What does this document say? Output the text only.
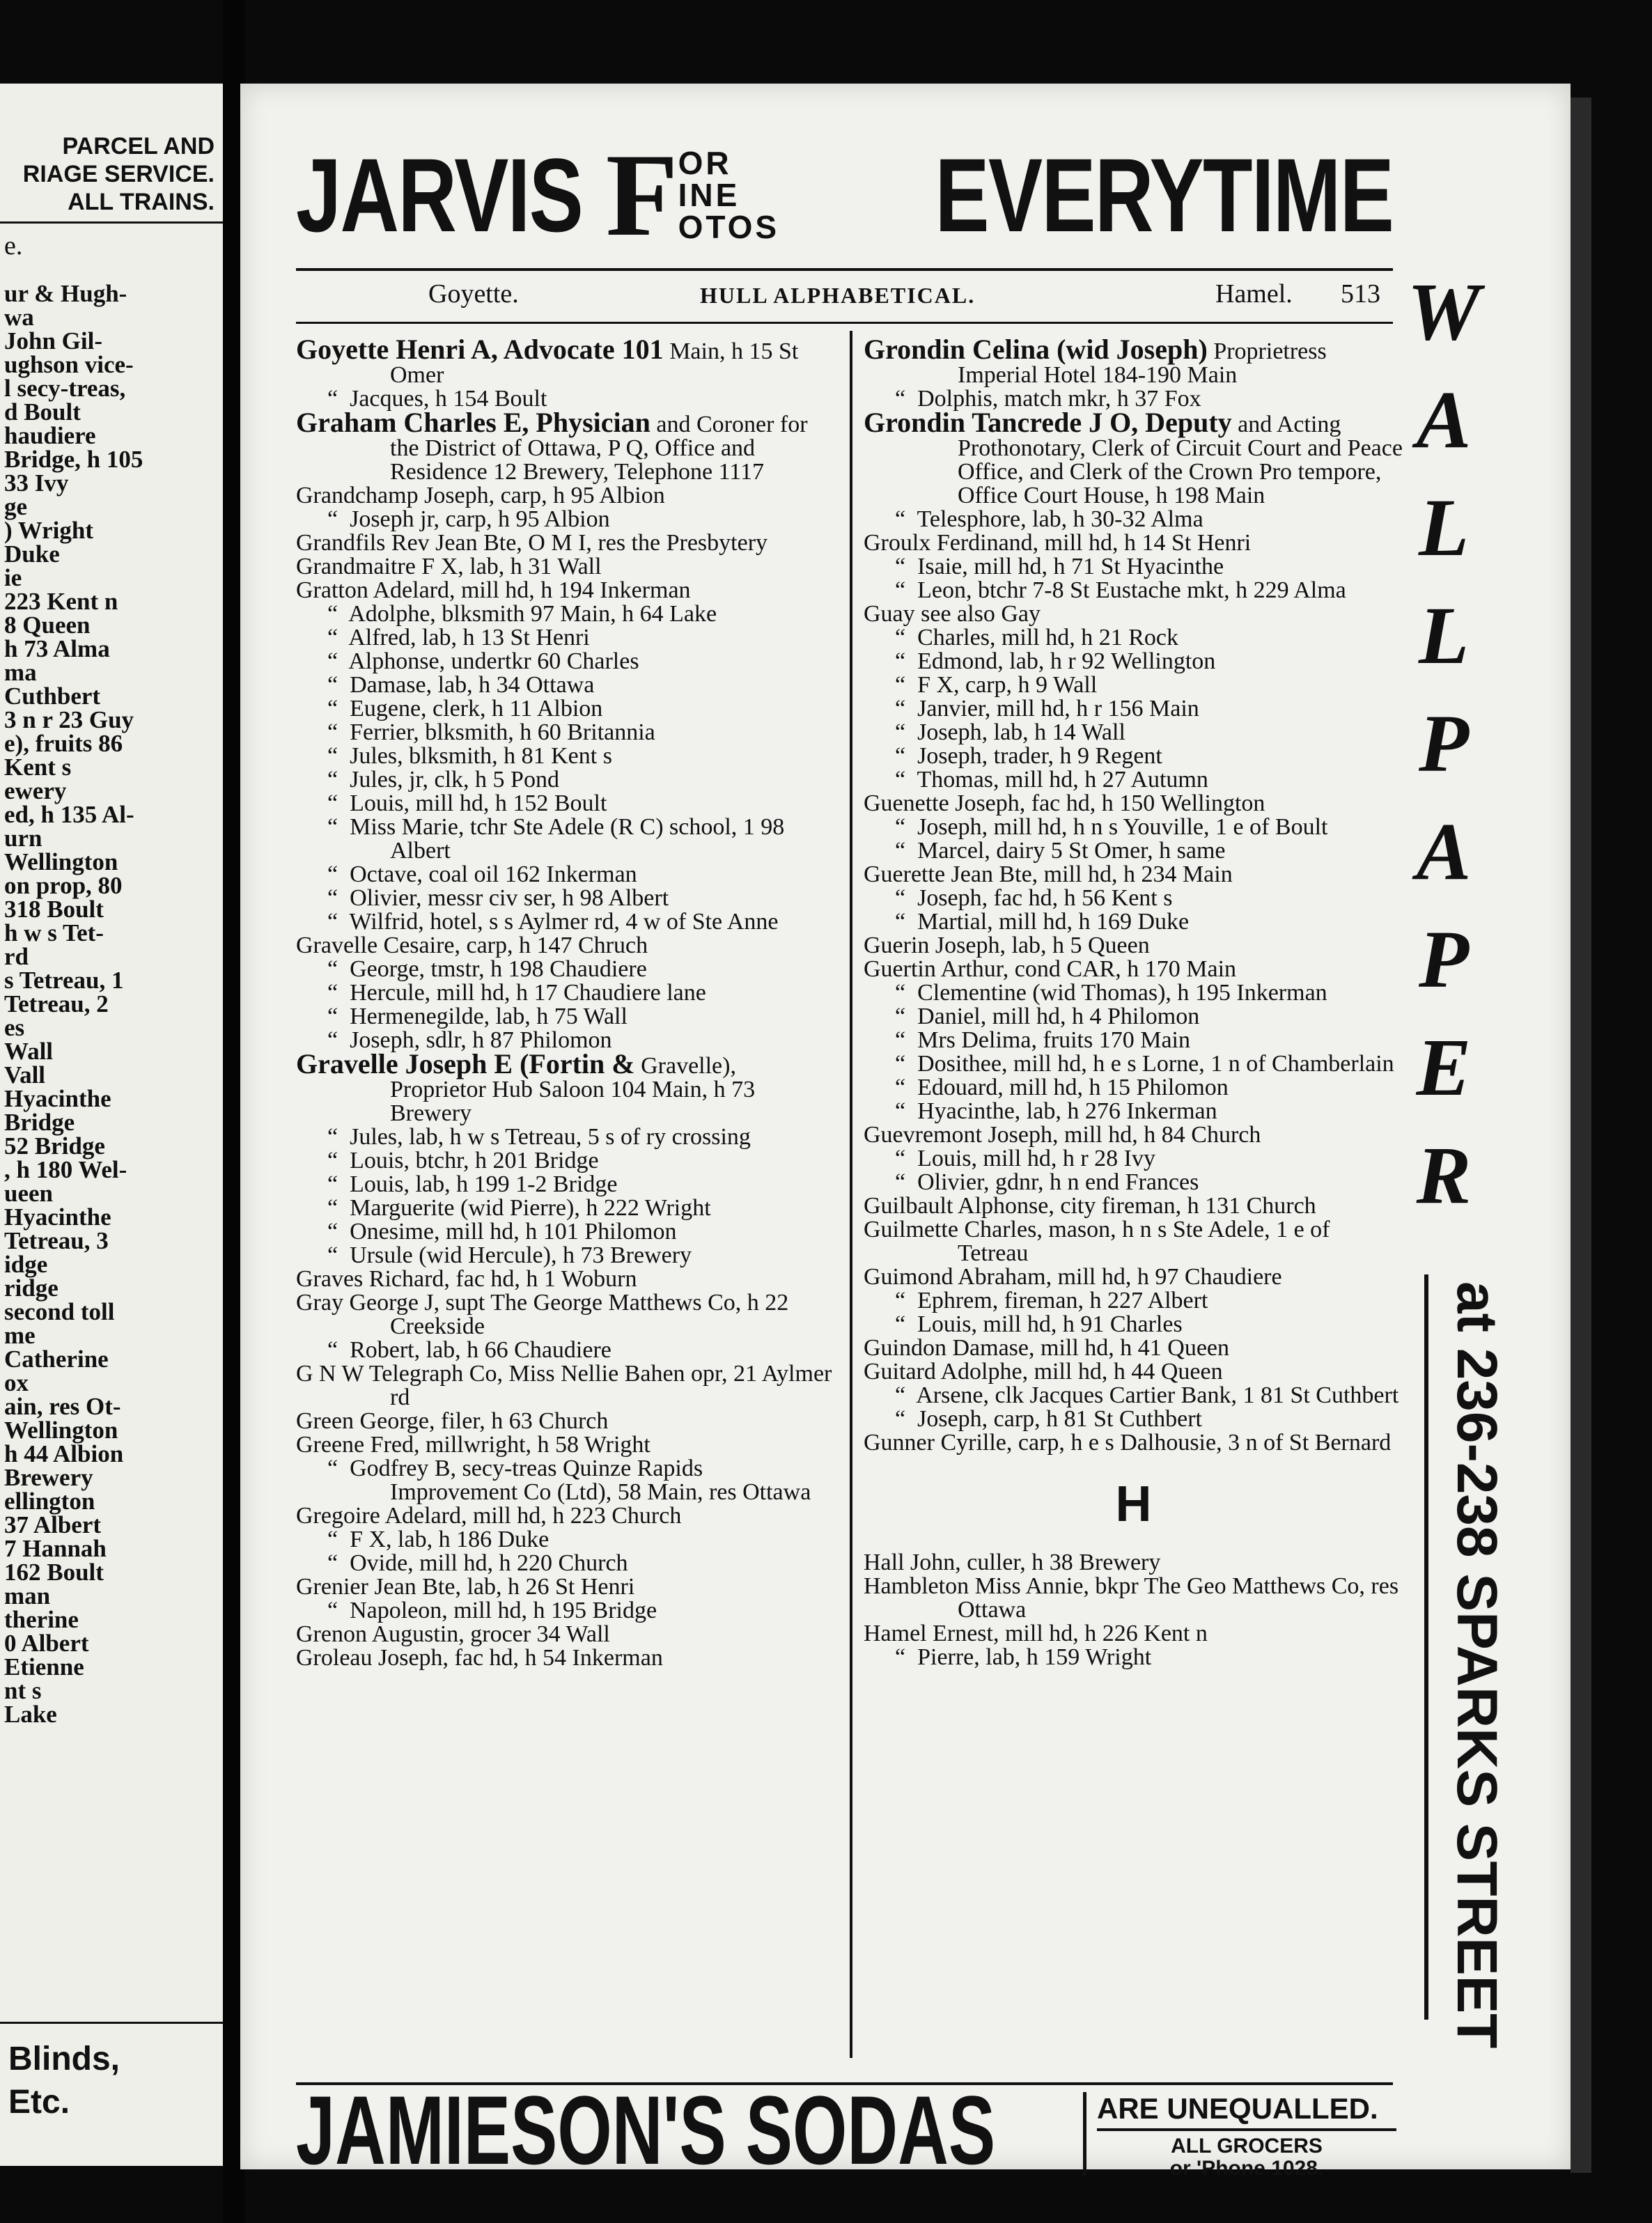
PARCEL AND
RIAGE SERVICE.
ALL TRAINS.
e.
ur & Hugh-
wa
John Gil-
ughson vice-
l secy-treas,
d Boult
haudiere
Bridge, h 105
33 Ivy
ge
) Wright
Duke
ie
223 Kent n
8 Queen
h 73 Alma
ma
Cuthbert
3 n r 23 Guy
e), fruits 86
Kent s
ewery
ed, h 135 Al-
urn
Wellington
on prop, 80
318 Boult
h w s Tet-
rd
s Tetreau, 1
Tetreau, 2
es
Wall
Vall
Hyacinthe
Bridge
52 Bridge
, h 180 Wel-
ueen
Hyacinthe
Tetreau, 3
idge
ridge
second toll
me
Catherine
ox
ain, res Ot-
Wellington
h 44 Albion
Brewery
ellington
37 Albert
7 Hannah
162 Boult
man
therine
0 Albert
Etienne
nt s
Lake
Blinds,
Etc.
JARVIS F OR
INE
OTOS EVERYTIME
Goyette.	HULL ALPHABETICAL.	Hamel. 513

Goyette Henri A, Advocate 101 Main, h 15 St Omer

“  Jacques, h 154 Boult

Graham Charles E, Physician and Coroner for the District of Ottawa, P Q, Office and Residence 12 Brewery, Telephone 1117

Grandchamp Joseph, carp, h 95 Albion

“  Joseph jr, carp, h 95 Albion

Grandfils Rev Jean Bte, O M I, res the Presbytery

Grandmaitre F X, lab, h 31 Wall

Gratton Adelard, mill hd, h 194 Inkerman

“  Adolphe, blksmith 97 Main, h 64 Lake

“  Alfred, lab, h 13 St Henri

“  Alphonse, undertkr 60 Charles

“  Damase, lab, h 34 Ottawa

“  Eugene, clerk, h 11 Albion

“  Ferrier, blksmith, h 60 Britannia

“  Jules, blksmith, h 81 Kent s

“  Jules, jr, clk, h 5 Pond

“  Louis, mill hd, h 152 Boult

“  Miss Marie, tchr Ste Adele (R C) school, 1 98 Albert

“  Octave, coal oil 162 Inkerman

“  Olivier, messr civ ser, h 98 Albert

“  Wilfrid, hotel, s s Aylmer rd, 4 w of Ste Anne

Gravelle Cesaire, carp, h 147 Chruch

“  George, tmstr, h 198 Chaudiere

“  Hercule, mill hd, h 17 Chaudiere lane

“  Hermenegilde, lab, h 75 Wall

“  Joseph, sdlr, h 87 Philomon

Gravelle Joseph E (Fortin & Gravelle), Proprietor Hub Saloon 104 Main, h 73 Brewery

“  Jules, lab, h w s Tetreau, 5 s of ry crossing

“  Louis, btchr, h 201 Bridge

“  Louis, lab, h 199 1-2 Bridge

“  Marguerite (wid Pierre), h 222 Wright

“  Onesime, mill hd, h 101 Philomon

“  Ursule (wid Hercule), h 73 Brewery

Graves Richard, fac hd, h 1 Woburn

Gray George J, supt The George Matthews Co, h 22 Creekside

“  Robert, lab, h 66 Chaudiere

G N W Telegraph Co, Miss Nellie Bahen opr, 21 Aylmer rd

Green George, filer, h 63 Church

Greene Fred, millwright, h 58 Wright

“  Godfrey B, secy-treas Quinze Rapids Improvement Co (Ltd), 58 Main, res Ottawa

Gregoire Adelard, mill hd, h 223 Church

“  F X, lab, h 186 Duke

“  Ovide, mill hd, h 220 Church

Grenier Jean Bte, lab, h 26 St Henri

“  Napoleon, mill hd, h 195 Bridge

Grenon Augustin, grocer 34 Wall

Groleau Joseph, fac hd, h 54 Inkerman

Grondin Celina (wid Joseph) Proprietress Imperial Hotel 184-190 Main

“  Dolphis, match mkr, h 37 Fox

Grondin Tancrede J O, Deputy and Acting Prothonotary, Clerk of Circuit Court and Peace Office, and Clerk of the Crown Pro tempore, Office Court House, h 198 Main

“  Telesphore, lab, h 30-32 Alma

Groulx Ferdinand, mill hd, h 14 St Henri

“  Isaie, mill hd, h 71 St Hyacinthe

“  Leon, btchr 7-8 St Eustache mkt, h 229 Alma

Guay see also Gay

“  Charles, mill hd, h 21 Rock

“  Edmond, lab, h r 92 Wellington

“  F X, carp, h 9 Wall

“  Janvier, mill hd, h r 156 Main

“  Joseph, lab, h 14 Wall

“  Joseph, trader, h 9 Regent

“  Thomas, mill hd, h 27 Autumn

Guenette Joseph, fac hd, h 150 Wellington

“  Joseph, mill hd, h n s Youville, 1 e of Boult

“  Marcel, dairy 5 St Omer, h same

Guerette Jean Bte, mill hd, h 234 Main

“  Joseph, fac hd, h 56 Kent s

“  Martial, mill hd, h 169 Duke

Guerin Joseph, lab, h 5 Queen

Guertin Arthur, cond CAR, h 170 Main

“  Clementine (wid Thomas), h 195 Inkerman

“  Daniel, mill hd, h 4 Philomon

“  Mrs Delima, fruits 170 Main

“  Dosithee, mill hd, h e s Lorne, 1 n of Chamberlain

“  Edouard, mill hd, h 15 Philomon

“  Hyacinthe, lab, h 276 Inkerman

Guevremont Joseph, mill hd, h 84 Church

“  Louis, mill hd, h r 28 Ivy

“  Olivier, gdnr, h n end Frances

Guilbault Alphonse, city fireman, h 131 Church

Guilmette Charles, mason, h n s Ste Adele, 1 e of Tetreau

Guimond Abraham, mill hd, h 97 Chaudiere

“  Ephrem, fireman, h 227 Albert

“  Louis, mill hd, h 91 Charles

Guindon Damase, mill hd, h 41 Queen

Guitard Adolphe, mill hd, h 44 Queen

“  Arsene, clk Jacques Cartier Bank, 1 81 St Cuthbert

“  Joseph, carp, h 81 St Cuthbert

Gunner Cyrille, carp, h e s Dalhousie, 3 n of St Bernard

H

Hall John, culler, h 38 Brewery

Hambleton Miss Annie, bkpr The Geo Matthews Co, res Ottawa

Hamel Ernest, mill hd, h 226 Kent n

“  Pierre, lab, h 159 Wright

W
A
L
L
P
A
P
E
R
at 236-238 SPARKS STREET
JAMIESON'S SODAS	ARE UNEQUALLED.
ALL GROCERS
or 'Phone 1028.
